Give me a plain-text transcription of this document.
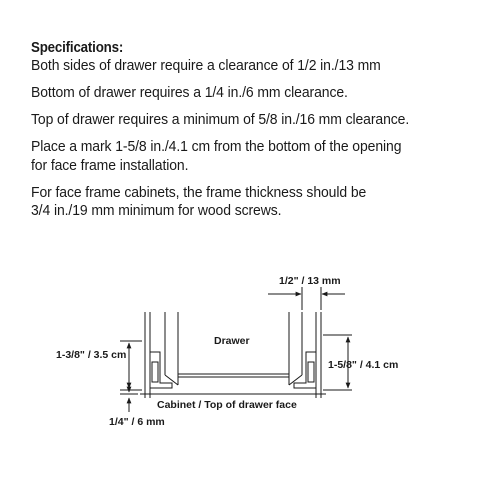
Specifications:

Both sides of drawer require a clearance of 1/2 in./13 mm

Bottom of drawer requires a 1/4 in./6 mm clearance.

Top of drawer requires a minimum of 5/8 in./16 mm clearance.

Place a mark 1-5/8 in./4.1 cm from the bottom of the opening

for face frame installation.

For face frame cabinets, the frame thickness should be

3/4 in./19 mm minimum for wood screws.

1/2" / 13 mm
Drawer
1-3/8" / 3.5 cm
1-5/8" / 4.1 cm
Cabinet / Top of drawer face
1/4" / 6 mm
